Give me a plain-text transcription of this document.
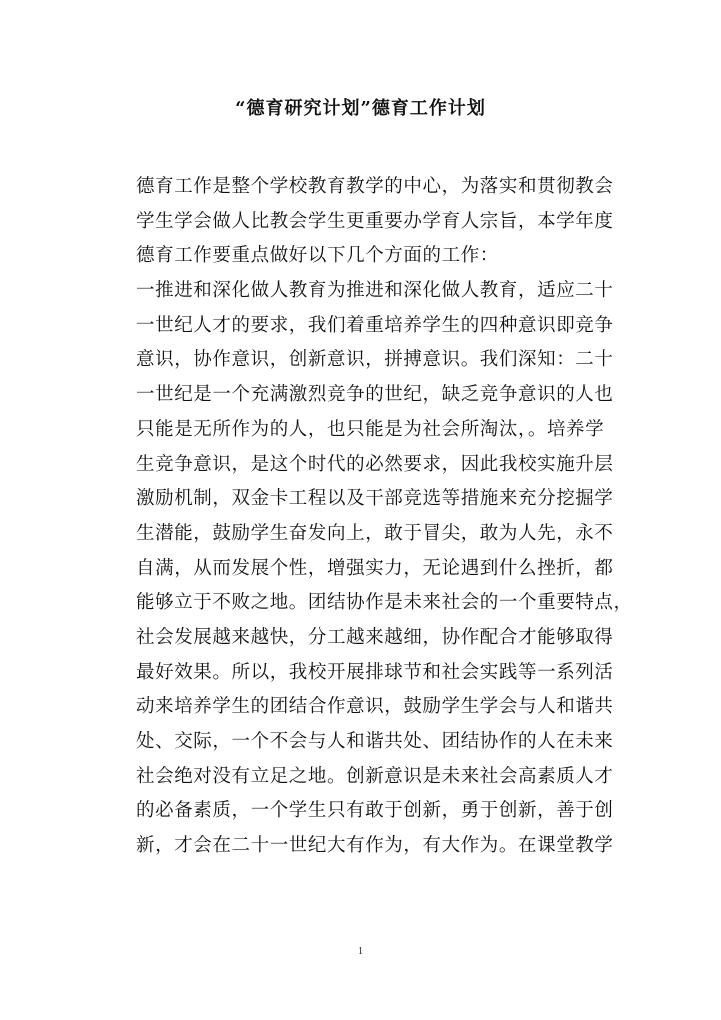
“德育研究计划”德育工作计划
德育工作是整个学校教育教学的中心，为落实和贯彻教会
学生学会做人比教会学生更重要办学育人宗旨，本学年度
德育工作要重点做好以下几个方面的工作：
一推进和深化做人教育为推进和深化做人教育，适应二十
一世纪人才的要求，我们着重培养学生的四种意识即竞争
意识，协作意识，创新意识，拼搏意识。我们深知：二十
一世纪是一个充满激烈竞争的世纪，缺乏竞争意识的人也
只能是无所作为的人，也只能是为社会所淘汰，。培养学
生竞争意识，是这个时代的必然要求，因此我校实施升层
激励机制，双金卡工程以及干部竞选等措施来充分挖掘学
生潜能，鼓励学生奋发向上，敢于冒尖，敢为人先，永不
自满，从而发展个性，增强实力，无论遇到什么挫折，都
能够立于不败之地。团结协作是未来社会的一个重要特点，
社会发展越来越快，分工越来越细，协作配合才能够取得
最好效果。所以，我校开展排球节和社会实践等一系列活
动来培养学生的团结合作意识，鼓励学生学会与人和谐共
处、交际，一个不会与人和谐共处、团结协作的人在未来
社会绝对没有立足之地。创新意识是未来社会高素质人才
的必备素质，一个学生只有敢于创新，勇于创新，善于创
新，才会在二十一世纪大有作为，有大作为。在课堂教学
1
